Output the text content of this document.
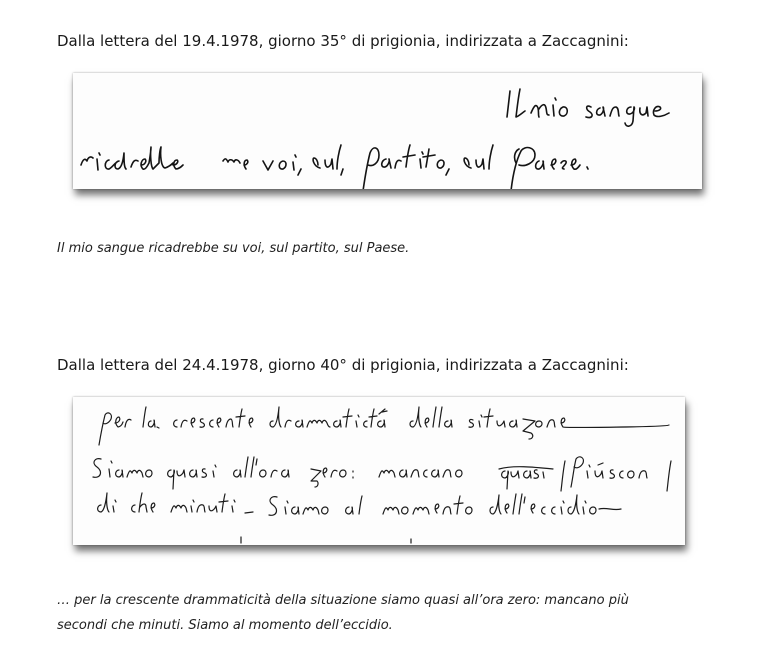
Dalla lettera del 19.4.1978, giorno 35° di prigionia, indirizzata a Zaccagnini:
Il mio sangue ricadrebbe su voi, sul partito, sul Paese.
Dalla lettera del 24.4.1978, giorno 40° di prigionia, indirizzata a Zaccagnini:
… per la crescente drammaticità della situazione siamo quasi all’ora zero: mancano più
secondi che minuti. Siamo al momento dell’eccidio.
